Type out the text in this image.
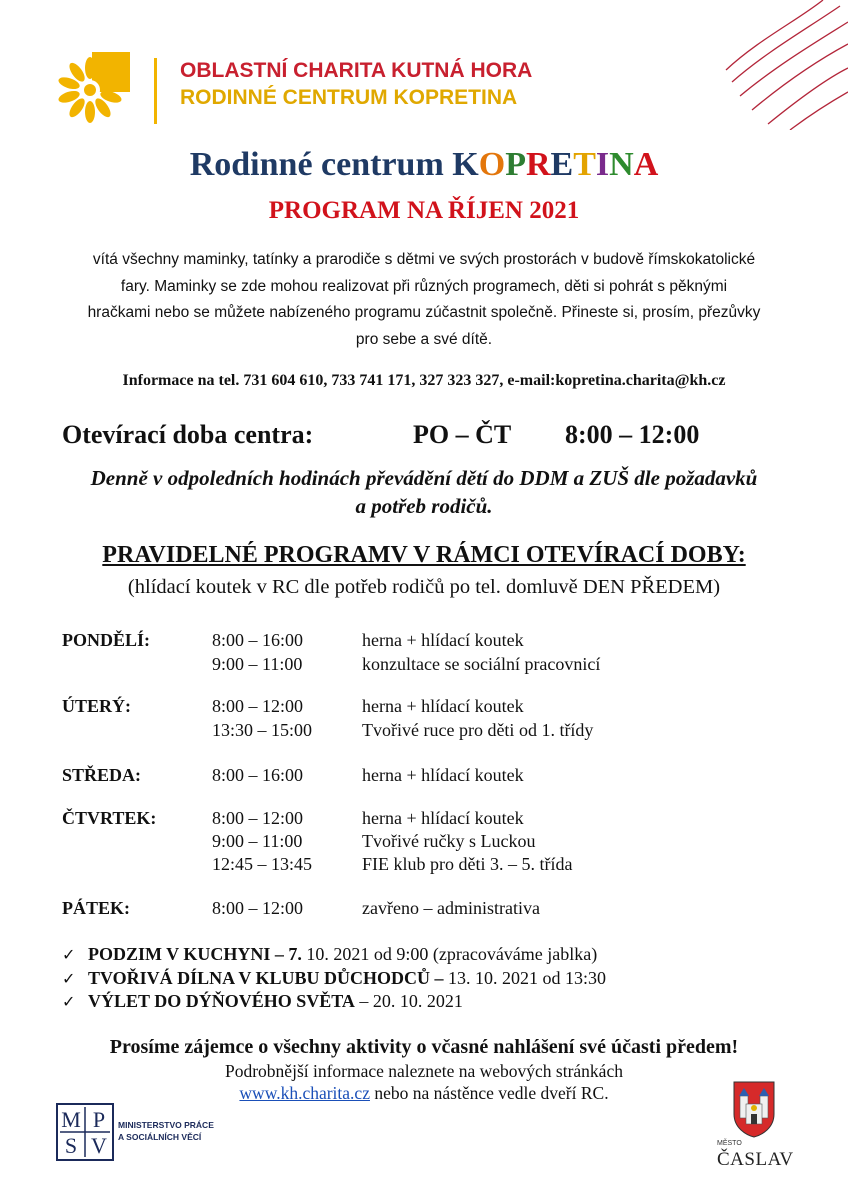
OBLASTNÍ CHARITA KUTNÁ HORA
RODINNÉ CENTRUM KOPRETINA
Rodinné centrum KOPRETINA
PROGRAM NA ŘÍJEN 2021
vítá všechny maminky, tatínky a prarodiče s dětmi ve svých prostorách v budově římskokatolické
fary. Maminky se zde mohou realizovat při různých programech, děti si pohrát s pěknými
hračkami nebo se můžete nabízeného programu zúčastnit společně. Přineste si, prosím, přezůvky
pro sebe a své dítě.
Informace na tel. 731 604 610, 733 741 171, 327 323 327, e-mail:kopretina.charita@kh.cz
Otevírací doba centra:	PO – ČT 8:00 – 12:00
Denně v odpoledních hodinách převádění dětí do DDM a ZUŠ dle požadavků
a potřeb rodičů.
PRAVIDELNÉ PROGRAMV V RÁMCI OTEVÍRACÍ DOBY:
(hlídací koutek v RC dle potřeb rodičů po tel. domluvě DEN PŘEDEM)
PONDĚLÍ:	8:00 – 16:00	herna + hlídací koutek
9:00 – 11:00	konzultace se sociální pracovnicí
ÚTERÝ:	8:00 – 12:00	herna + hlídací koutek
13:30 – 15:00	Tvořivé ruce pro děti od 1. třídy
STŘEDA:	8:00 – 16:00	herna + hlídací koutek
ČTVRTEK:	8:00 – 12:00	herna + hlídací koutek
9:00 – 11:00	Tvořivé ručky s Luckou
12:45 – 13:45	FIE klub pro děti 3. – 5. třída
PÁTEK:	8:00 – 12:00	zavřeno – administrativa
✓ PODZIM V KUCHYNI – 7. 10. 2021 od 9:00 (zpracováváme jablka)
✓ TVOŘIVÁ DÍLNA V KLUBU DŮCHODCŮ – 13. 10. 2021 od 13:30
✓ VÝLET DO DÝŇOVÉHO SVĚTA – 20. 10. 2021
Prosíme zájemce o všechny aktivity o včasné nahlášení své účasti předem!
Podrobnější informace naleznete na webových stránkách
www.kh.charita.cz nebo na nástěnce vedle dveří RC.
M P
S V
MINISTERSTVO PRÁCE
A SOCIÁLNÍCH VĚCÍ
MĚSTO
ČASLAV
